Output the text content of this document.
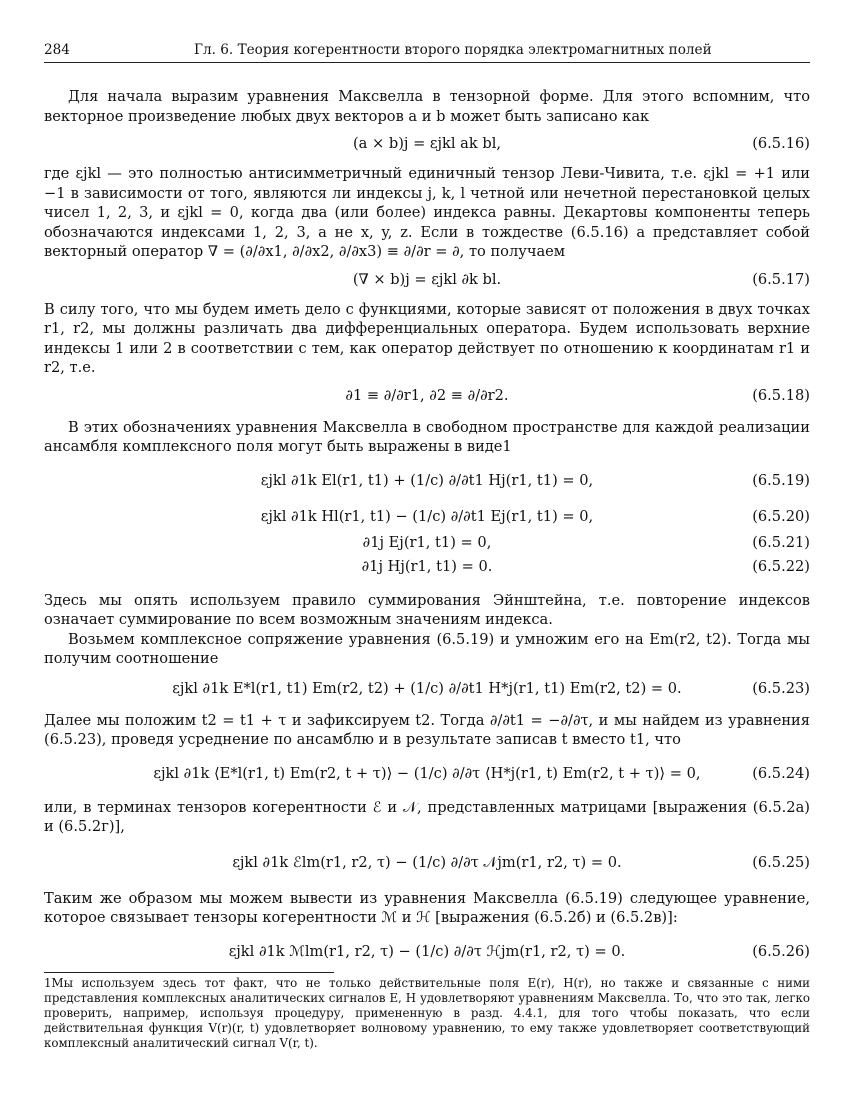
284	Гл. 6. Теория когерентности второго порядка электромагнитных полей

Для начала выразим уравнения Максвелла в тензорной форме. Для этого вспомним, что векторное произведение любых двух векторов a и b может быть записано как

(a × b)j = εjkl ak bl,	(6.5.16)

где εjkl — это полностью антисимметричный единичный тензор Леви-Чивита, т.е. εjkl = +1 или −1 в зависимости от того, являются ли индексы j, k, l четной или нечетной перестановкой целых чисел 1, 2, 3, и εjkl = 0, когда два (или более) индекса равны. Декартовы компоненты теперь обозначаются индексами 1, 2, 3, а не x, y, z. Если в тождестве (6.5.16) a представляет собой векторный оператор ∇ = (∂/∂x1, ∂/∂x2, ∂/∂x3) ≡ ∂/∂r = ∂, то получаем

(∇ × b)j = εjkl ∂k bl.	(6.5.17)

В силу того, что мы будем иметь дело с функциями, которые зависят от положения в двух точках r1, r2, мы должны различать два дифференциальных оператора. Будем использовать верхние индексы 1 или 2 в соответствии с тем, как оператор действует по отношению к координатам r1 и r2, т.е.

∂1 ≡ ∂/∂r1, ∂2 ≡ ∂/∂r2.	(6.5.18)

В этих обозначениях уравнения Максвелла в свободном пространстве для каждой реализации ансамбля комплексного поля могут быть выражены в виде1

εjkl ∂1k El(r1, t1) + (1/c) ∂/∂t1 Hj(r1, t1) = 0,	(6.5.19)
εjkl ∂1k Hl(r1, t1) − (1/c) ∂/∂t1 Ej(r1, t1) = 0,	(6.5.20)
∂1j Ej(r1, t1) = 0,	(6.5.21)
∂1j Hj(r1, t1) = 0.	(6.5.22)

Здесь мы опять используем правило суммирования Эйнштейна, т.е. повторение индексов означает суммирование по всем возможным значениям индекса.

Возьмем комплексное сопряжение уравнения (6.5.19) и умножим его на Em(r2, t2). Тогда мы получим соотношение

εjkl ∂1k E*l(r1, t1) Em(r2, t2) + (1/c) ∂/∂t1 H*j(r1, t1) Em(r2, t2) = 0.	(6.5.23)

Далее мы положим t2 = t1 + τ и зафиксируем t2. Тогда ∂/∂t1 = −∂/∂τ, и мы найдем из уравнения (6.5.23), проведя усреднение по ансамблю и в результате записав t вместо t1, что

εjkl ∂1k ⟨E*l(r1, t) Em(r2, t + τ)⟩ − (1/c) ∂/∂τ ⟨H*j(r1, t) Em(r2, t + τ)⟩ = 0,	(6.5.24)

или, в терминах тензоров когерентности ℰ и 𝒩, представленных матрицами [выражения (6.5.2а) и (6.5.2г)],

εjkl ∂1k ℰlm(r1, r2, τ) − (1/c) ∂/∂τ 𝒩jm(r1, r2, τ) = 0.	(6.5.25)

Таким же образом мы можем вывести из уравнения Максвелла (6.5.19) следующее уравнение, которое связывает тензоры когерентности ℳ и ℋ [выражения (6.5.2б) и (6.5.2в)]:

εjkl ∂1k ℳlm(r1, r2, τ) − (1/c) ∂/∂τ ℋjm(r1, r2, τ) = 0.	(6.5.26)

1Мы используем здесь тот факт, что не только действительные поля E(r), H(r), но также и связанные с ними представления комплексных аналитических сигналов E, H удовлетворяют уравнениям Максвелла. То, что это так, легко проверить, например, используя процедуру, примененную в разд. 4.4.1, для того чтобы показать, что если действительная функция V(r)(r, t) удовлетворяет волновому уравнению, то ему также удовлетворяет соответствующий комплексный аналитический сигнал V(r, t).
